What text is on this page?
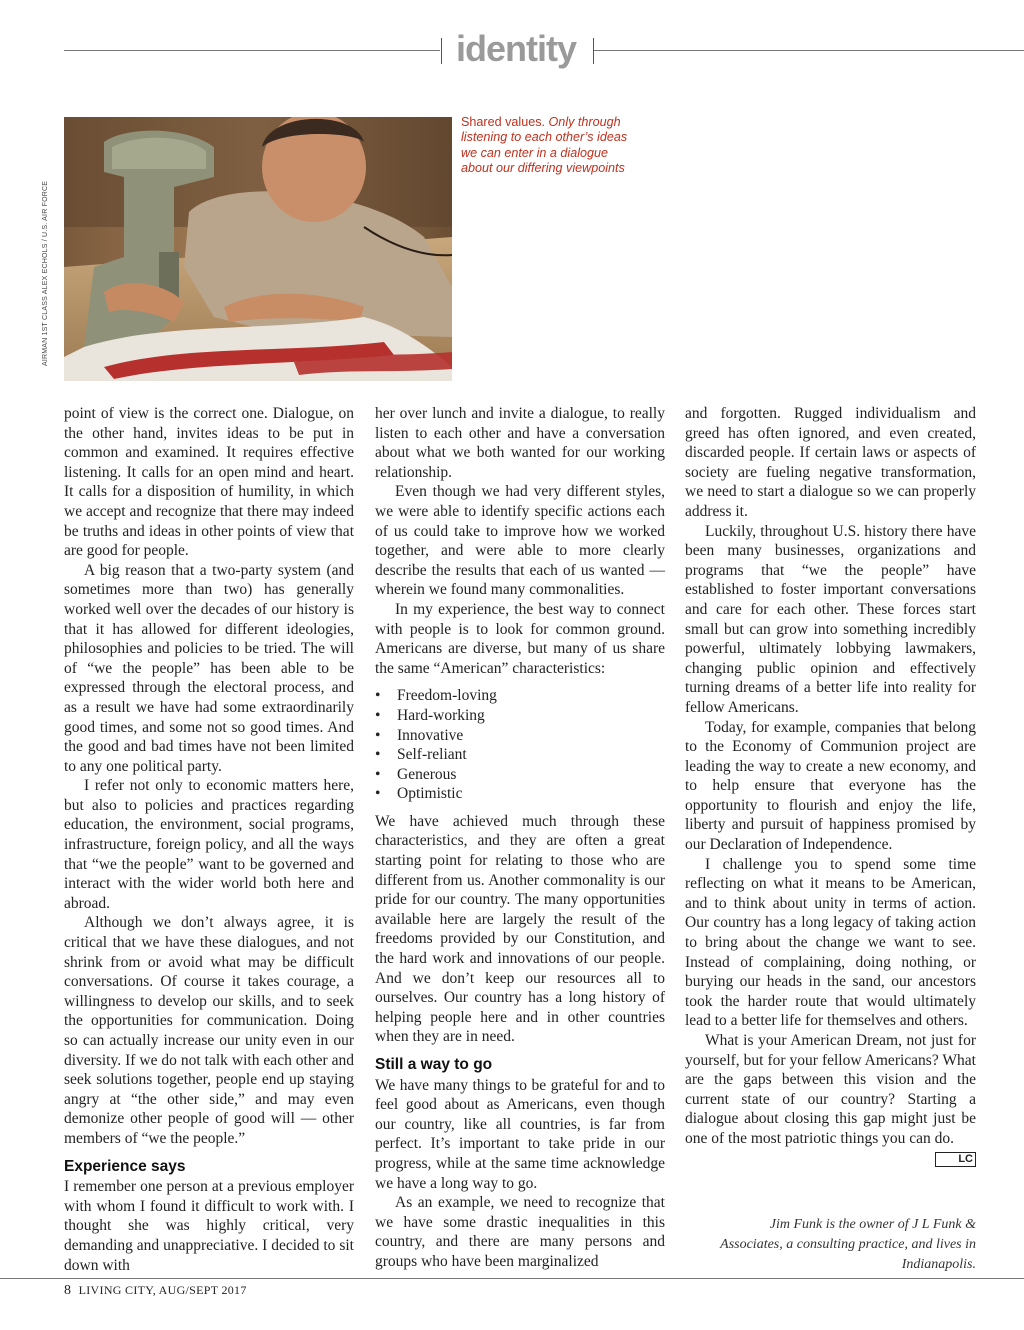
identity
AIRMAN 1ST CLASS ALEX ECHOLS / U.S. AIR FORCE
Shared values. Only through listening to each other’s ideas we can enter in a dialogue about our differing viewpoints

point of view is the correct one. Dialogue, on the other hand, invites ideas to be put in common and examined. It requires effective listening. It calls for an open mind and heart. It calls for a disposition of humility, in which we accept and recognize that there may indeed be truths and ideas in other points of view that are good for people.

A big reason that a two-party system (and sometimes more than two) has generally worked well over the decades of our history is that it has allowed for different ideologies, philosophies and policies to be tried. The will of “we the people” has been able to be expressed through the electoral process, and as a result we have had some extraordinarily good times, and some not so good times. And the good and bad times have not been limited to any one political party.

I refer not only to economic matters here, but also to policies and practices regarding education, the environment, social programs, infrastructure, foreign policy, and all the ways that “we the people” want to be governed and interact with the wider world both here and abroad.

Although we don’t always agree, it is critical that we have these dialogues, and not shrink from or avoid what may be difficult conversations. Of course it takes courage, a willingness to develop our skills, and to seek the opportunities for communication. Doing so can actually increase our unity even in our diversity. If we do not talk with each other and seek solutions together, people end up staying angry at “the other side,” and may even demonize other people of good will — other members of “we the people.”

Experience says

I remember one person at a previous employer with whom I found it difficult to work with. I thought she was highly critical, very demanding and unappreciative. I decided to sit down with

her over lunch and invite a dialogue, to really listen to each other and have a conversation about what we both wanted for our working relationship.

Even though we had very different styles, we were able to identify specific actions each of us could take to improve how we worked together, and were able to more clearly describe the results that each of us wanted — wherein we found many commonalities.

In my experience, the best way to connect with people is to look for common ground. Americans are diverse, but many of us share the same “American” characteristics:

• Freedom-loving
• Hard-working
• Innovative
• Self-reliant
• Generous
• Optimistic

We have achieved much through these characteristics, and they are often a great starting point for relating to those who are different from us. Another commonality is our pride for our country. The many opportunities available here are largely the result of the freedoms provided by our Constitution, and the hard work and innovations of our people. And we don’t keep our resources all to ourselves. Our country has a long history of helping people here and in other countries when they are in need.

Still a way to go

We have many things to be grateful for and to feel good about as Americans, even though our country, like all countries, is far from perfect. It’s important to take pride in our progress, while at the same time acknowledge we have a long way to go.

As an example, we need to recognize that we have some drastic inequalities in this country, and there are many persons and groups who have been marginalized

and forgotten. Rugged individualism and greed has often ignored, and even created, discarded people. If certain laws or aspects of society are fueling negative transformation, we need to start a dialogue so we can properly address it.

Luckily, throughout U.S. history there have been many businesses, organizations and programs that “we the people” have established to foster important conversations and care for each other. These forces start small but can grow into something incredibly powerful, ultimately lobbying lawmakers, changing public opinion and effectively turning dreams of a better life into reality for fellow Americans.

Today, for example, companies that belong to the Economy of Communion project are leading the way to create a new economy, and to help ensure that everyone has the opportunity to flourish and enjoy the life, liberty and pursuit of happiness promised by our Declaration of Independence.

I challenge you to spend some time reflecting on what it means to be American, and to think about unity in terms of action. Our country has a long legacy of taking action to bring about the change we want to see. Instead of complaining, doing nothing, or burying our heads in the sand, our ancestors took the harder route that would ultimately lead to a better life for themselves and others.

What is your American Dream, not just for yourself, but for your fellow Americans? What are the gaps between this vision and the current state of our country? Starting a dialogue about closing this gap might just be one of the most patriotic things you can do.
LC

Jim Funk is the owner of J L Funk & Associates, a consulting practice, and lives in Indianapolis.
8 LIVING CITY, AUG/SEPT 2017
